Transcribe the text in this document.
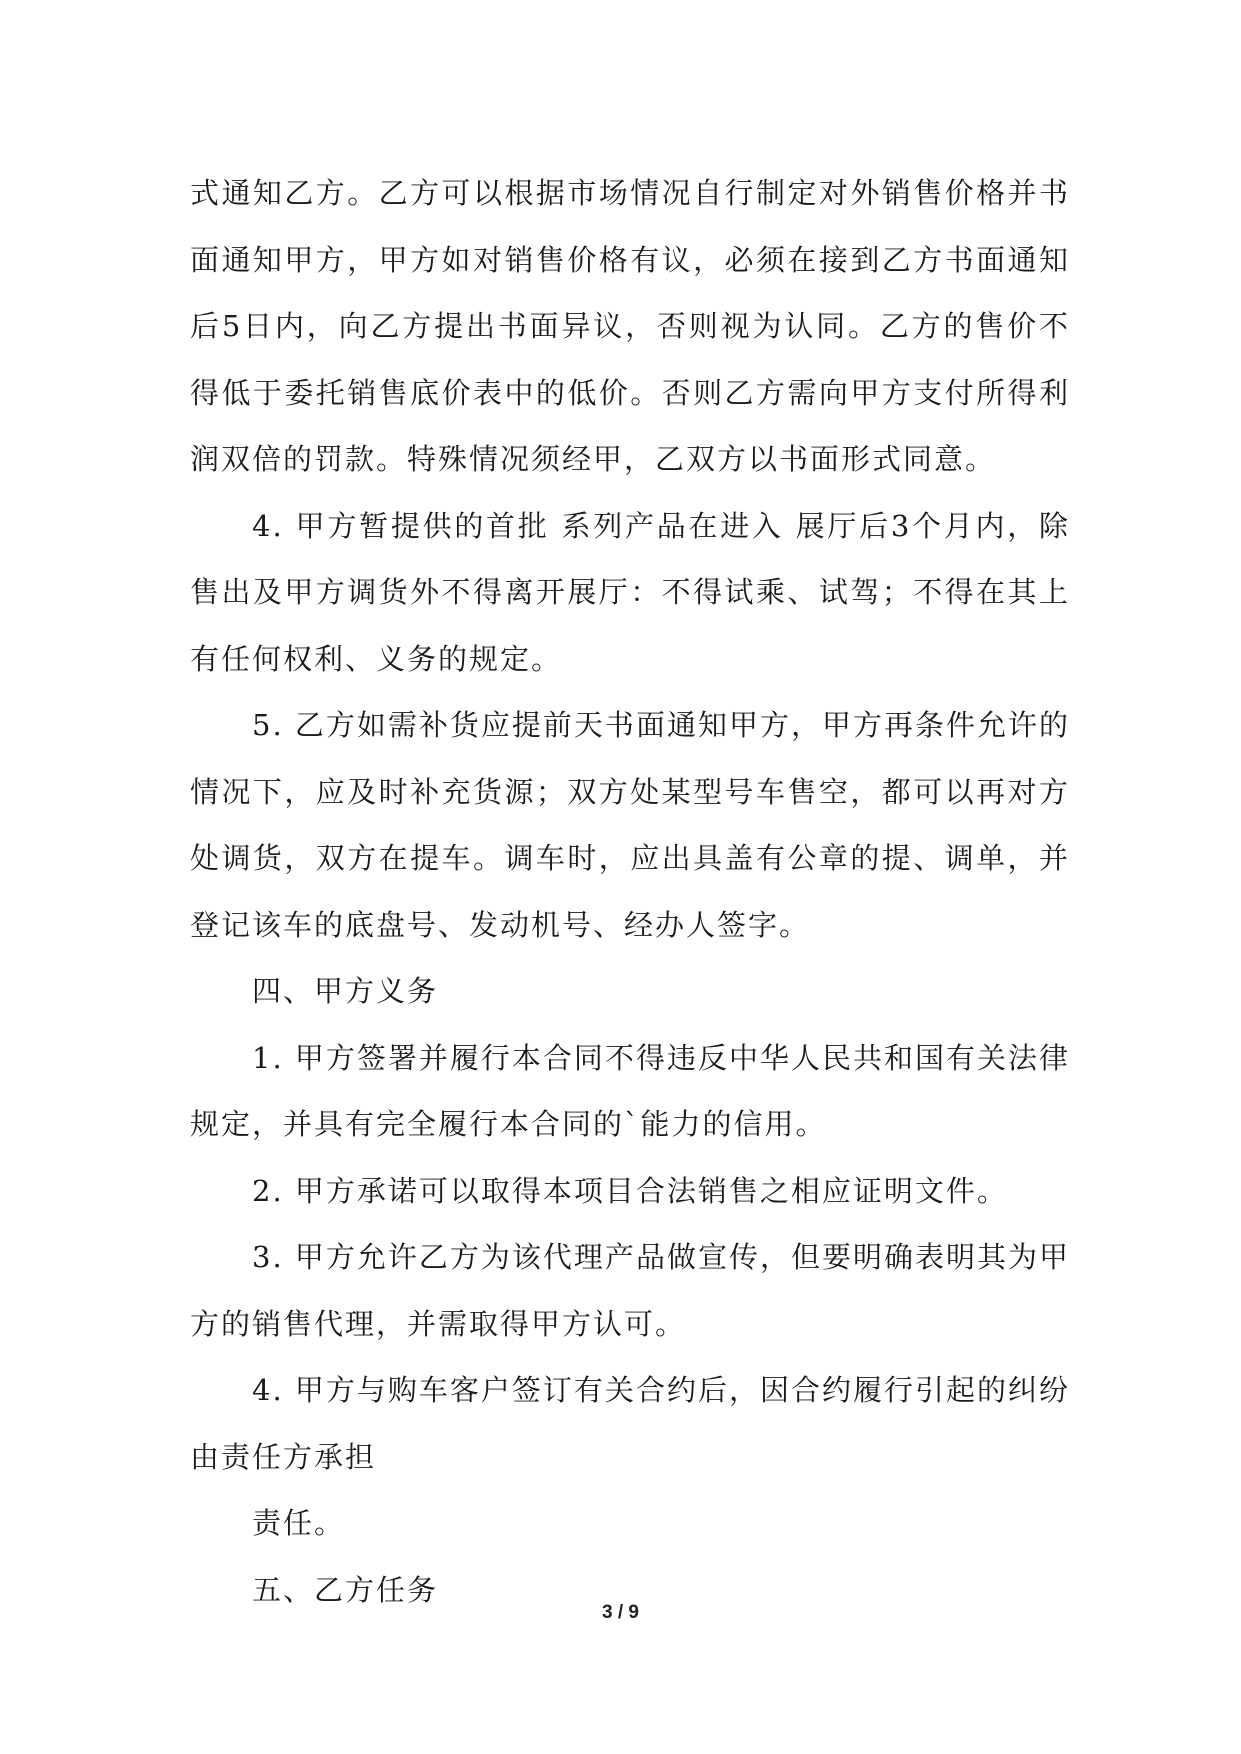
式通知乙方。乙方可以根据市场情况自行制定对外销售价格并书面通知甲方，甲方如对销售价格有议，必须在接到乙方书面通知后5日内，向乙方提出书面异议，否则视为认同。乙方的售价不得低于委托销售底价表中的低价。否则乙方需向甲方支付所得利润双倍的罚款。特殊情况须经甲，乙双方以书面形式同意。

4. 甲方暂提供的首批 系列产品在进入 展厅后3个月内，除售出及甲方调货外不得离开展厅：不得试乘、试驾；不得在其上有任何权利、义务的规定。

5. 乙方如需补货应提前天书面通知甲方，甲方再条件允许的情况下，应及时补充货源；双方处某型号车售空，都可以再对方处调货，双方在提车。调车时，应出具盖有公章的提、调单，并登记该车的底盘号、发动机号、经办人签字。

四、甲方义务

1. 甲方签署并履行本合同不得违反中华人民共和国有关法律规定，并具有完全履行本合同的`能力的信用。

2. 甲方承诺可以取得本项目合法销售之相应证明文件。

3. 甲方允许乙方为该代理产品做宣传，但要明确表明其为甲方的销售代理，并需取得甲方认可。

4. 甲方与购车客户签订有关合约后，因合约履行引起的纠纷由责任方承担

责任。

五、乙方任务

3 / 9
